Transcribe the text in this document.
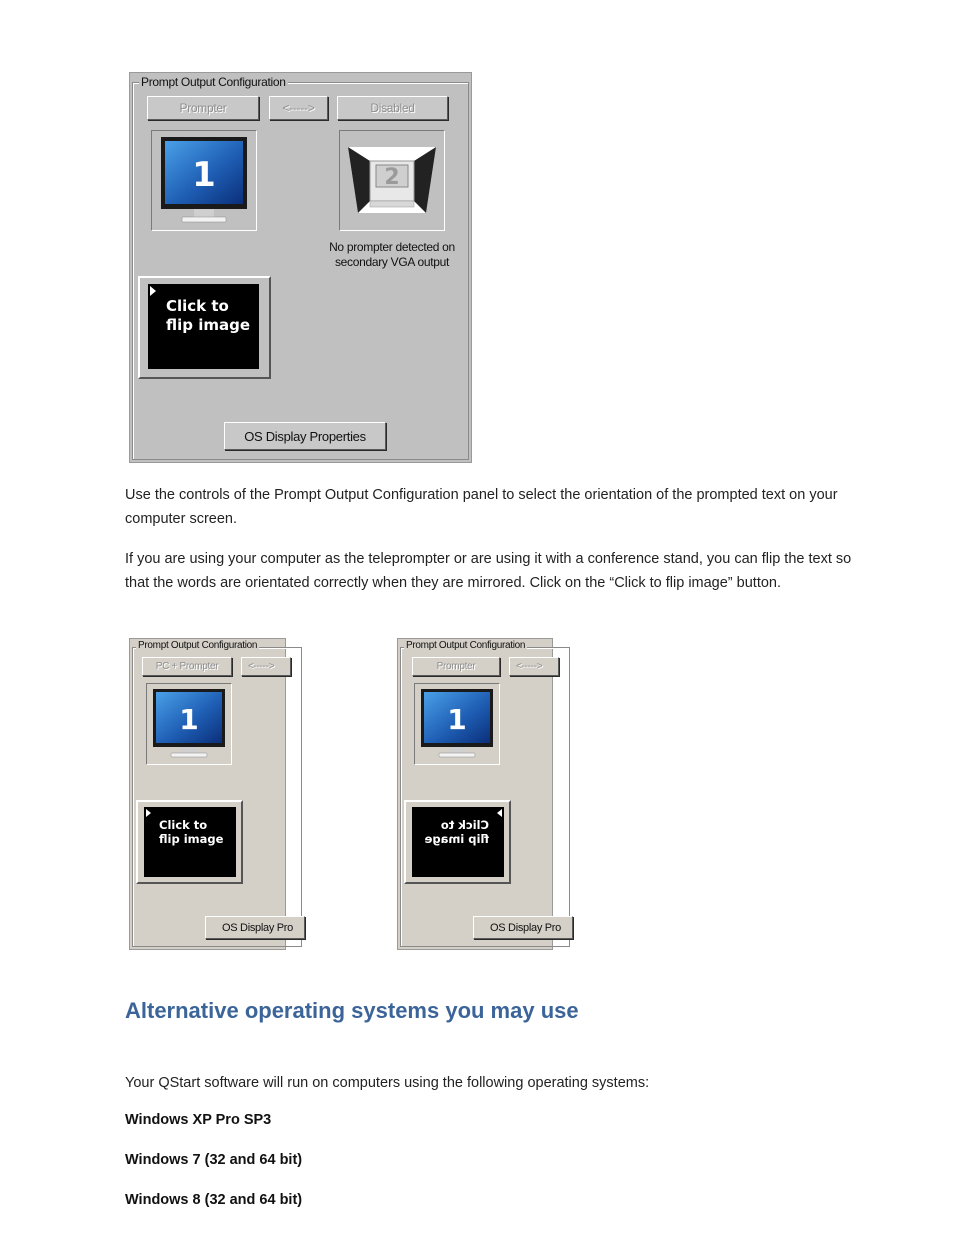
Prompt Output Configuration
Prompter	<----->	Disabled
1	2
No prompter detected on
secondary VGA output
Click to
flip image
OS Display Properties
Use the controls of the Prompt Output Configuration panel to select the orientation of the prompted text on your computer screen.
If you are using your computer as the teleprompter or are using it with a conference stand, you can flip the text so that the words are orientated correctly when they are mirrored. Click on the “Click to flip image” button.
Prompt Output Configuration
PC + Prompter	<----->
1
Click to
flip image
OS Display Pro
Prompt Output Configuration
Prompter	<----->
1
Click to
flip image
OS Display Pro
Alternative operating systems you may use
Your QStart software will run on computers using the following operating systems:
Windows XP Pro SP3
Windows 7 (32 and 64 bit)
Windows 8 (32 and 64 bit)
